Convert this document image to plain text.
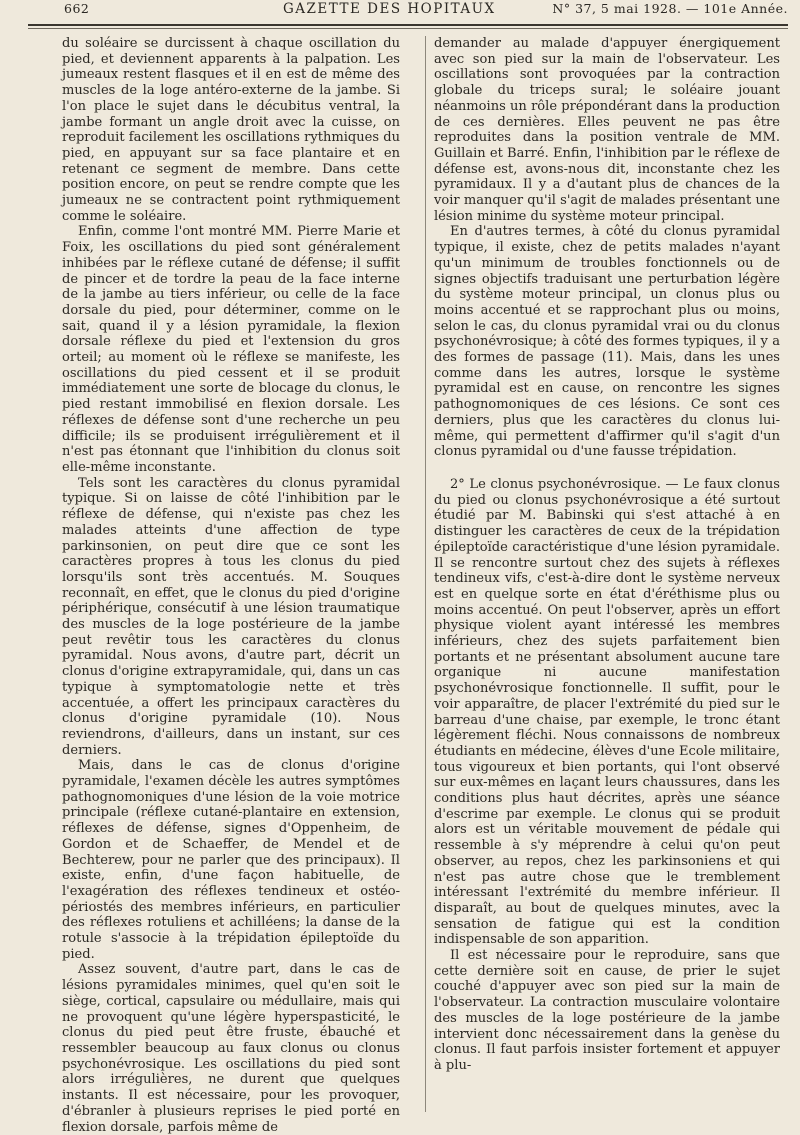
662	GAZETTE DES HOPITAUX	N° 37, 5 mai 1928. — 101e Année.

du soléaire se durcissent à chaque oscillation du pied, et deviennent apparents à la palpation. Les jumeaux restent flasques et il en est de même des muscles de la loge antéro-externe de la jambe. Si l'on place le sujet dans le décubitus ventral, la jambe formant un angle droit avec la cuisse, on reproduit facilement les oscillations rythmiques du pied, en appuyant sur sa face plantaire et en retenant ce segment de membre. Dans cette position encore, on peut se rendre compte que les jumeaux ne se contractent point rythmiquement comme le soléaire.

Enfin, comme l'ont montré MM. Pierre Marie et Foix, les oscillations du pied sont généralement inhibées par le réflexe cutané de défense; il suffit de pincer et de tordre la peau de la face interne de la jambe au tiers inférieur, ou celle de la face dorsale du pied, pour déterminer, comme on le sait, quand il y a lésion pyramidale, la flexion dorsale réflexe du pied et l'extension du gros orteil; au moment où le réflexe se manifeste, les oscillations du pied cessent et il se produit immédiatement une sorte de blocage du clonus, le pied restant immobilisé en flexion dorsale. Les réflexes de défense sont d'une recherche un peu difficile; ils se produisent irrégulièrement et il n'est pas étonnant que l'inhibition du clonus soit elle-même inconstante.

Tels sont les caractères du clonus pyramidal typique. Si on laisse de côté l'inhibition par le réflexe de défense, qui n'existe pas chez les malades atteints d'une affection de type parkinsonien, on peut dire que ce sont les caractères propres à tous les clonus du pied lorsqu'ils sont très accentués. M. Souques reconnaît, en effet, que le clonus du pied d'origine périphérique, consécutif à une lésion traumatique des muscles de la loge postérieure de la jambe peut revêtir tous les caractères du clonus pyramidal. Nous avons, d'autre part, décrit un clonus d'origine extrapyramidale, qui, dans un cas typique à symptomatologie nette et très accentuée, a offert les principaux caractères du clonus d'origine pyramidale (10). Nous reviendrons, d'ailleurs, dans un instant, sur ces derniers.

Mais, dans le cas de clonus d'origine pyramidale, l'examen décèle les autres symptômes pathognomoniques d'une lésion de la voie motrice principale (réflexe cutané-plantaire en extension, réflexes de défense, signes d'Oppenheim, de Gordon et de Schaeffer, de Mendel et de Bechterew, pour ne parler que des principaux). Il existe, enfin, d'une façon habituelle, de l'exagération des réflexes tendineux et ostéo-périostés des membres inférieurs, en particulier des réflexes rotuliens et achilléens; la danse de la rotule s'associe à la trépidation épileptoïde du pied.

Assez souvent, d'autre part, dans le cas de lésions pyramidales minimes, quel qu'en soit le siège, cortical, capsulaire ou médullaire, mais qui ne provoquent qu'une légère hyperspasticité, le clonus du pied peut être fruste, ébauché et ressembler beaucoup au faux clonus ou clonus psychonévrosique. Les oscillations du pied sont alors irrégulières, ne durent que quelques instants. Il est nécessaire, pour les provoquer, d'ébranler à plusieurs reprises le pied porté en flexion dorsale, parfois même de

demander au malade d'appuyer énergiquement avec son pied sur la main de l'observateur. Les oscillations sont provoquées par la contraction globale du triceps sural; le soléaire jouant néanmoins un rôle prépondérant dans la production de ces dernières. Elles peuvent ne pas être reproduites dans la position ventrale de MM. Guillain et Barré. Enfin, l'inhibition par le réflexe de défense est, avons-nous dit, inconstante chez les pyramidaux. Il y a d'autant plus de chances de la voir manquer qu'il s'agit de malades présentant une lésion minime du système moteur principal.

En d'autres termes, à côté du clonus pyramidal typique, il existe, chez de petits malades n'ayant qu'un minimum de troubles fonctionnels ou de signes objectifs traduisant une perturbation légère du système moteur principal, un clonus plus ou moins accentué et se rapprochant plus ou moins, selon le cas, du clonus pyramidal vrai ou du clonus psychonévrosique; à côté des formes typiques, il y a des formes de passage (11). Mais, dans les unes comme dans les autres, lorsque le système pyramidal est en cause, on rencontre les signes pathognomoniques de ces lésions. Ce sont ces derniers, plus que les caractères du clonus lui-même, qui permettent d'affirmer qu'il s'agit d'un clonus pyramidal ou d'une fausse trépidation.

2° Le clonus psychonévrosique. — Le faux clonus du pied ou clonus psychonévrosique a été surtout étudié par M. Babinski qui s'est attaché à en distinguer les caractères de ceux de la trépidation épileptoïde caractéristique d'une lésion pyramidale. Il se rencontre surtout chez des sujets à réflexes tendineux vifs, c'est-à-dire dont le système nerveux est en quelque sorte en état d'éréthisme plus ou moins accentué. On peut l'observer, après un effort physique violent ayant intéressé les membres inférieurs, chez des sujets parfaitement bien portants et ne présentant absolument aucune tare organique ni aucune manifestation psychonévrosique fonctionnelle. Il suffit, pour le voir apparaître, de placer l'extrémité du pied sur le barreau d'une chaise, par exemple, le tronc étant légèrement fléchi. Nous connaissons de nombreux étudiants en médecine, élèves d'une Ecole militaire, tous vigoureux et bien portants, qui l'ont observé sur eux-mêmes en laçant leurs chaussures, dans les conditions plus haut décrites, après une séance d'escrime par exemple. Le clonus qui se produit alors est un véritable mouvement de pédale qui ressemble à s'y méprendre à celui qu'on peut observer, au repos, chez les parkinsoniens et qui n'est pas autre chose que le tremblement intéressant l'extrémité du membre inférieur. Il disparaît, au bout de quelques minutes, avec la sensation de fatigue qui est la condition indispensable de son apparition.

Il est nécessaire pour le reproduire, sans que cette dernière soit en cause, de prier le sujet couché d'appuyer avec son pied sur la main de l'observateur. La contraction musculaire volontaire des muscles de la loge postérieure de la jambe intervient donc nécessairement dans la genèse du clonus. Il faut parfois insister fortement et appuyer à plu-
